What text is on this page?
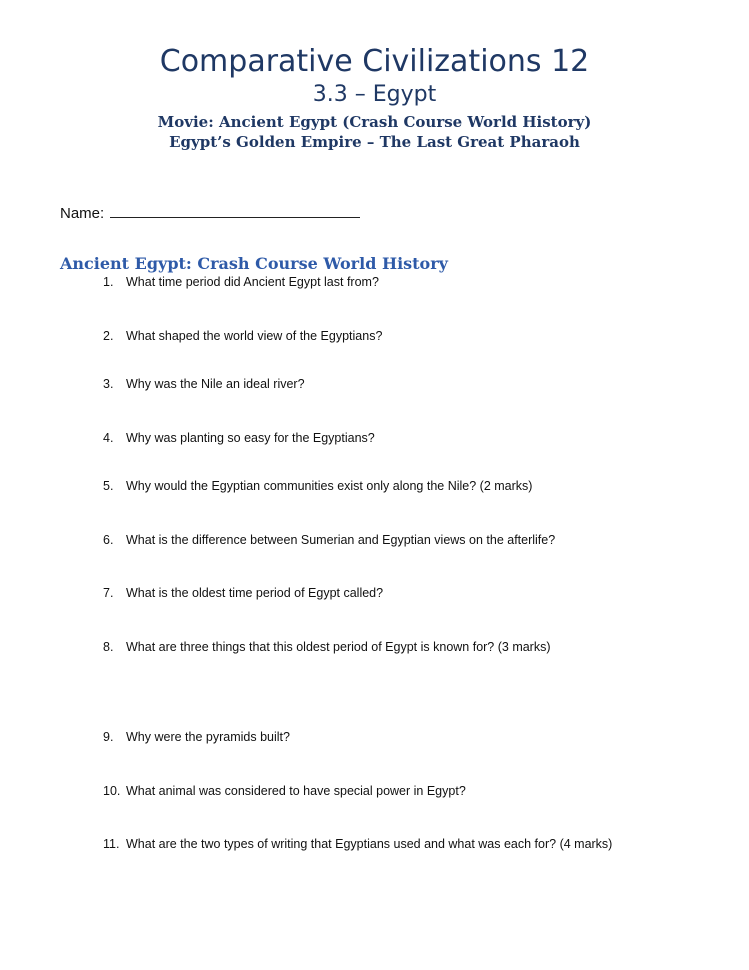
Comparative Civilizations 12
3.3 – Egypt
Movie: Ancient Egypt (Crash Course World History)
Egypt’s Golden Empire – The Last Great Pharaoh
Name:
Ancient Egypt: Crash Course World History
1. What time period did Ancient Egypt last from?
2. What shaped the world view of the Egyptians?
3. Why was the Nile an ideal river?
4. Why was planting so easy for the Egyptians?
5. Why would the Egyptian communities exist only along the Nile? (2 marks)
6. What is the difference between Sumerian and Egyptian views on the afterlife?
7. What is the oldest time period of Egypt called?
8. What are three things that this oldest period of Egypt is known for? (3 marks)
9. Why were the pyramids built?
10. What animal was considered to have special power in Egypt?
11. What are the two types of writing that Egyptians used and what was each for? (4 marks)
